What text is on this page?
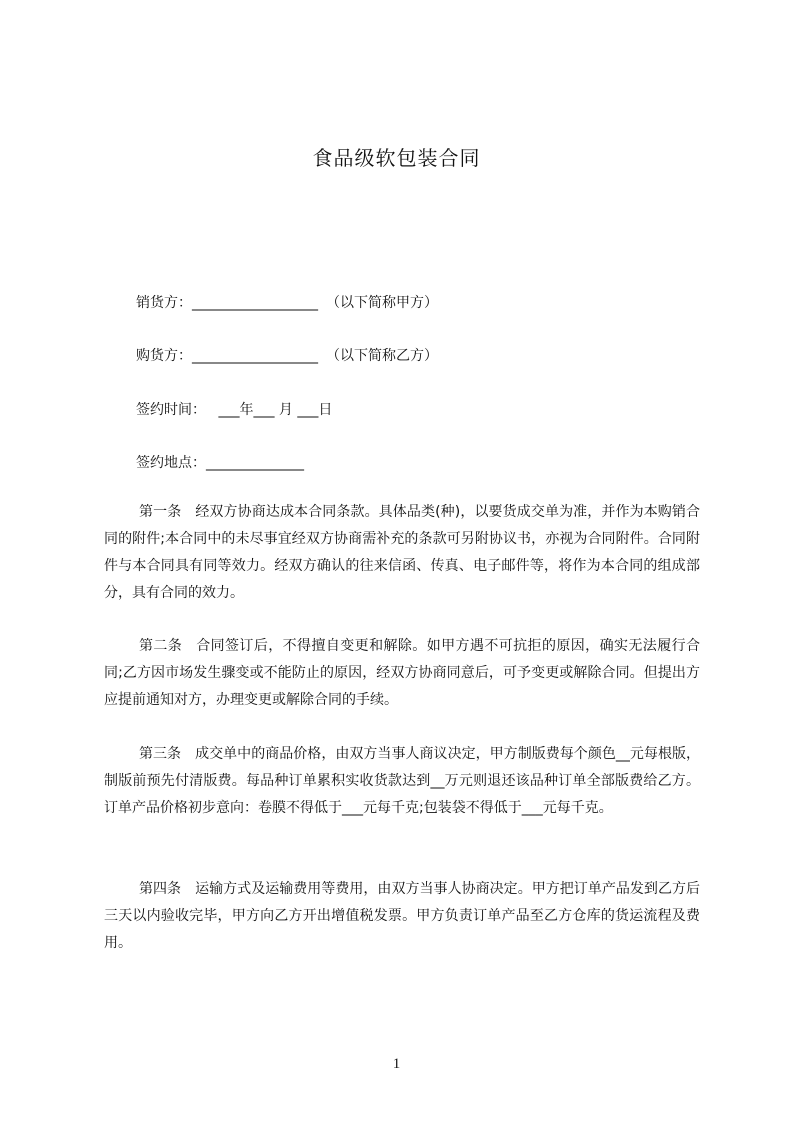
食品级软包装合同
销货方：__________________ （以下简称甲方）
购货方：__________________ （以下简称乙方）
签约时间： ___年___ 月 ___日
签约地点：______________

第一条 经双方协商达成本合同条款。具体品类(种)，以要货成交单为准，并作为本购销合同的附件;本合同中的未尽事宜经双方协商需补充的条款可另附协议书，亦视为合同附件。合同附件与本合同具有同等效力。经双方确认的往来信函、传真、电子邮件等，将作为本合同的组成部分，具有合同的效力。

第二条 合同签订后，不得擅自变更和解除。如甲方遇不可抗拒的原因，确实无法履行合同;乙方因市场发生骤变或不能防止的原因，经双方协商同意后，可予变更或解除合同。但提出方应提前通知对方，办理变更或解除合同的手续。

第三条 成交单中的商品价格，由双方当事人商议决定，甲方制版费每个颜色__元每根版，制版前预先付清版费。每品种订单累积实收货款达到__万元则退还该品种订单全部版费给乙方。订单产品价格初步意向：卷膜不得低于___元每千克;包装袋不得低于___元每千克。

第四条 运输方式及运输费用等费用，由双方当事人协商决定。甲方把订单产品发到乙方后三天以内验收完毕，甲方向乙方开出增值税发票。甲方负责订单产品至乙方仓库的货运流程及费用。

1
